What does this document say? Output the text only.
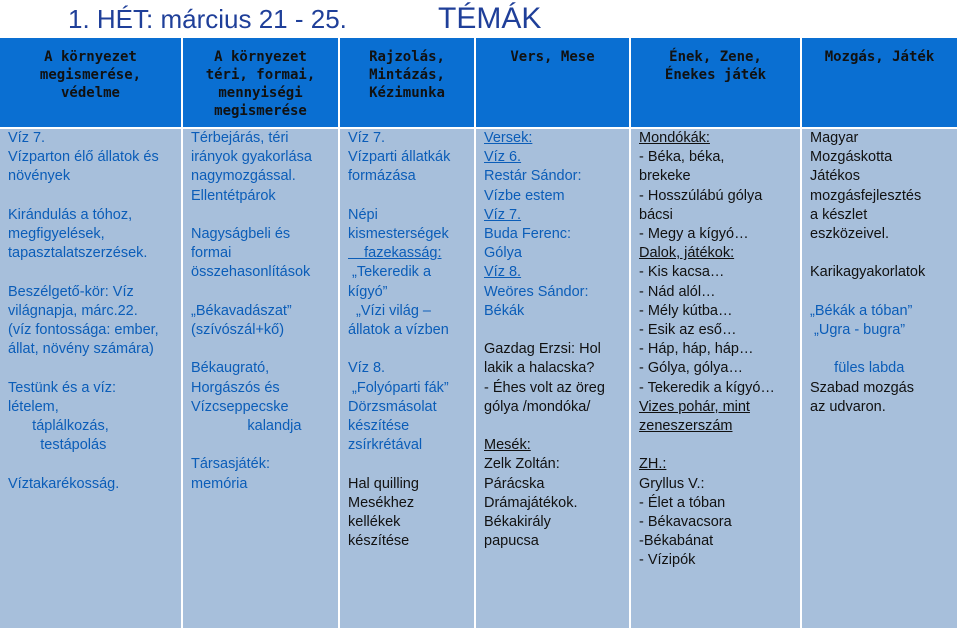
1. HÉT: március 21 - 25.	TÉMÁK
A környezet
megismerése,
védelme
A környezet
téri, formai,
mennyiségi
megismerése
Rajzolás,
Mintázás,
Kézimunka
Vers, Mese	Ének, Zene,
Énekes játék
Mozgás, Játék
Víz 7.
Vízparton élő állatok és
növények
Kirándulás a tóhoz,
megfigyelések,
tapasztalatszerzések.
Beszélgető-kör: Víz
világnapja, márc.22.
(víz fontossága: ember,
állat, növény számára)
Testünk és a víz:
lételem,
táplálkozás,
testápolás
Víztakarékosság.
Térbejárás, téri
irányok gyakorlása
nagymozgással.
Ellentétpárok
Nagyságbeli és
formai
összehasonlítások
„Békavadászat”
(szívószál+kő)
Békaugrató,
Horgászós és
Vízcseppecske
kalandja
Társasjáték:
memória
Víz 7.
Vízparti állatkák
formázása
Népi
kismesterségek
fazekasság:
„Tekeredik a
kígyó”
„Vízi világ –
állatok a vízben
Víz 8.
„Folyóparti fák”
Dörzsmásolat
készítése
zsírkrétával
Hal quilling
Mesékhez
kellékek
készítése
Versek:
Víz 6.
Restár Sándor:
Vízbe estem
Víz 7.
Buda Ferenc:
Gólya
Víz 8.
Weöres Sándor:
Békák
Gazdag Erzsi: Hol
lakik a halacska?
- Éhes volt az öreg
gólya /mondóka/
Mesék:
Zelk Zoltán:
Párácska
Drámajátékok.
Békakirály
papucsa
Mondókák:
- Béka, béka,
brekeke
- Hosszúlábú gólya
bácsi
- Megy a kígyó…
Dalok, játékok:
- Kis kacsa…
- Nád alól…
- Mély kútba…
- Esik az eső…
- Háp, háp, háp…
- Gólya, gólya…
- Tekeredik a kígyó…
Vizes pohár, mint
zeneszerszám
ZH.:
Gryllus V.:
- Élet a tóban
- Békavacsora
-Békabánat
- Vízipók
Magyar
Mozgáskotta
Játékos
mozgásfejlesztés
a készlet
eszközeivel.
Karikagyakorlatok
„Békák a tóban”
„Ugra - bugra”
füles labda
Szabad mozgás
az udvaron.
